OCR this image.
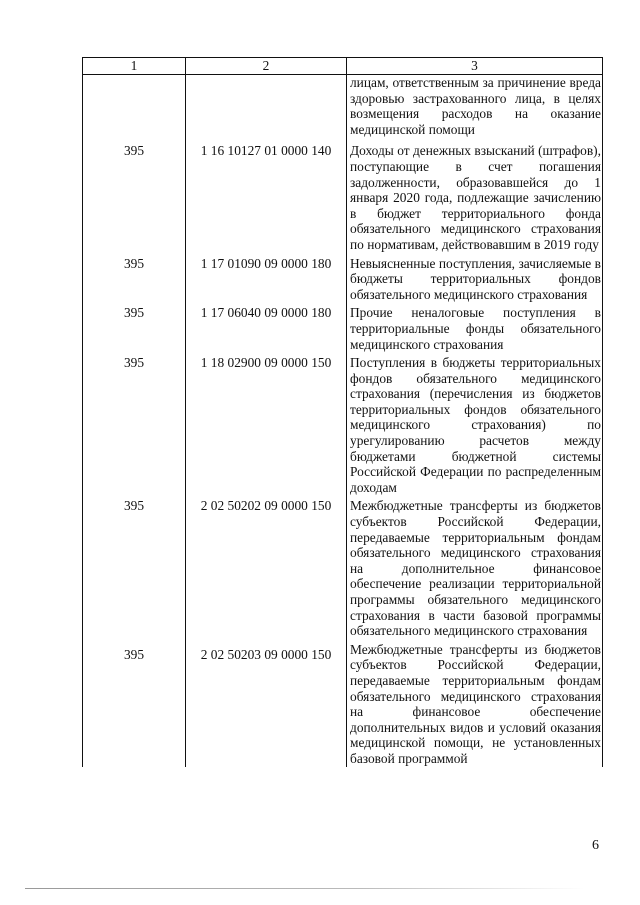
1	2	3
		лицам, ответственным за причинение вреда здоровью застрахованного лица, в целях возмещения расходов на оказание медицинской помощи
395	1 16 10127 01 0000 140	Доходы от денежных взысканий (штрафов), поступающие в счет погашения задолженности, образовавшейся до 1 января 2020 года, подлежащие зачислению в бюджет территориального фонда обязательного медицинского страхования по нормативам, действовавшим в 2019 году
395	1 17 01090 09 0000 180	Невыясненные поступления, зачисляемые в бюджеты территориальных фондов обязательного медицинского страхования
395	1 17 06040 09 0000 180	Прочие неналоговые поступления в территориальные фонды обязательного медицинского страхования
395	1 18 02900 09 0000 150	Поступления в бюджеты территориальных фондов обязательного медицинского страхования (перечисления из бюджетов территориальных фондов обязательного медицинского страхования) по урегулированию расчетов между бюджетами бюджетной системы Российской Федерации по распределенным доходам
395	2 02 50202 09 0000 150	Межбюджетные трансферты из бюджетов субъектов Российской Федерации, передаваемые территориальным фондам обязательного медицинского страхования на дополнительное финансовое обеспечение реализации территориальной программы обязательного медицинского страхования в части базовой программы обязательного медицинского страхования
395	2 02 50203 09 0000 150	Межбюджетные трансферты из бюджетов субъектов Российской Федерации, передаваемые территориальным фондам обязательного медицинского страхования на финансовое обеспечение дополнительных видов и условий оказания медицинской помощи, не установленных базовой программой
6
